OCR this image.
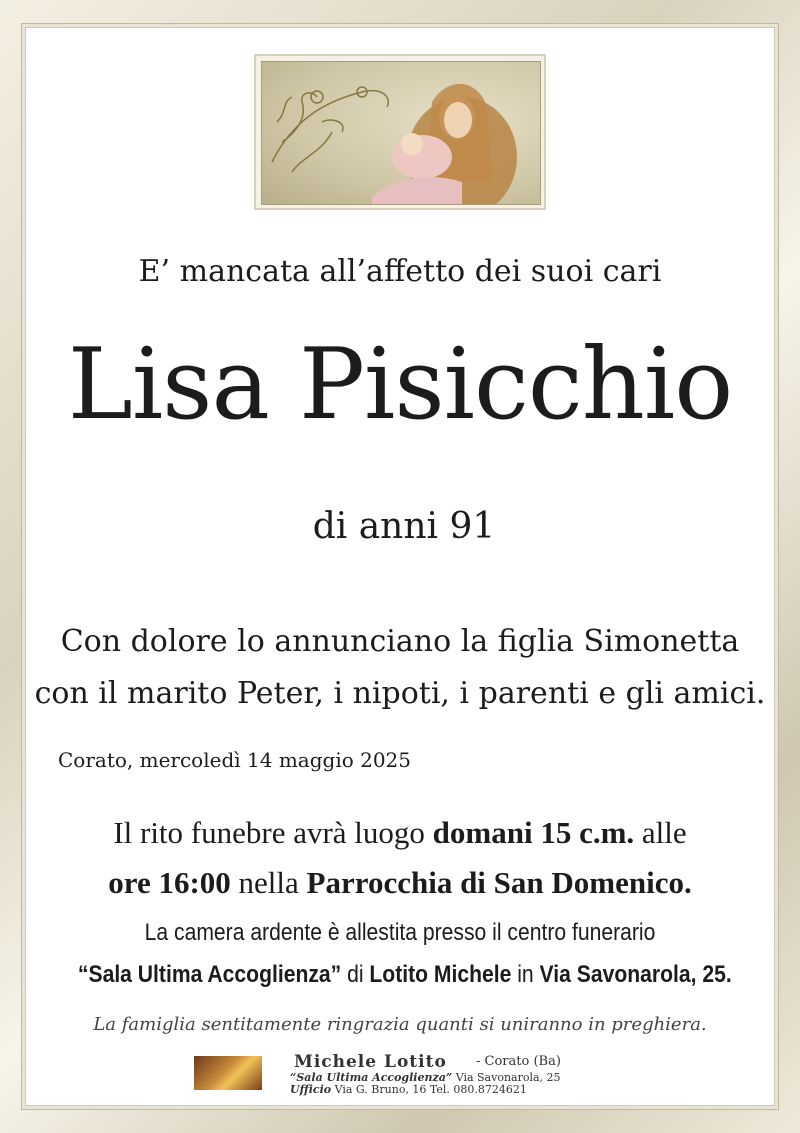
E’ mancata all’affetto dei suoi cari
Lisa Pisicchio
di anni 91
Con dolore lo annunciano la figlia Simonetta
con il marito Peter, i nipoti, i parenti e gli amici.
Corato, mercoledì 14 maggio 2025
Il rito funebre avrà luogo domani 15 c.m. alle
ore 16:00 nella Parrocchia di San Domenico.
La camera ardente è allestita presso il centro funerario
“Sala Ultima Accoglienza” di Lotito Michele in Via Savonarola, 25.
La famiglia sentitamente ringrazia quanti si uniranno in preghiera.
Michele Lotito - Corato (Ba)
“Sala Ultima Accoglienza” Via Savonarola, 25
Ufficio Via G. Bruno, 16 Tel. 080.8724621
